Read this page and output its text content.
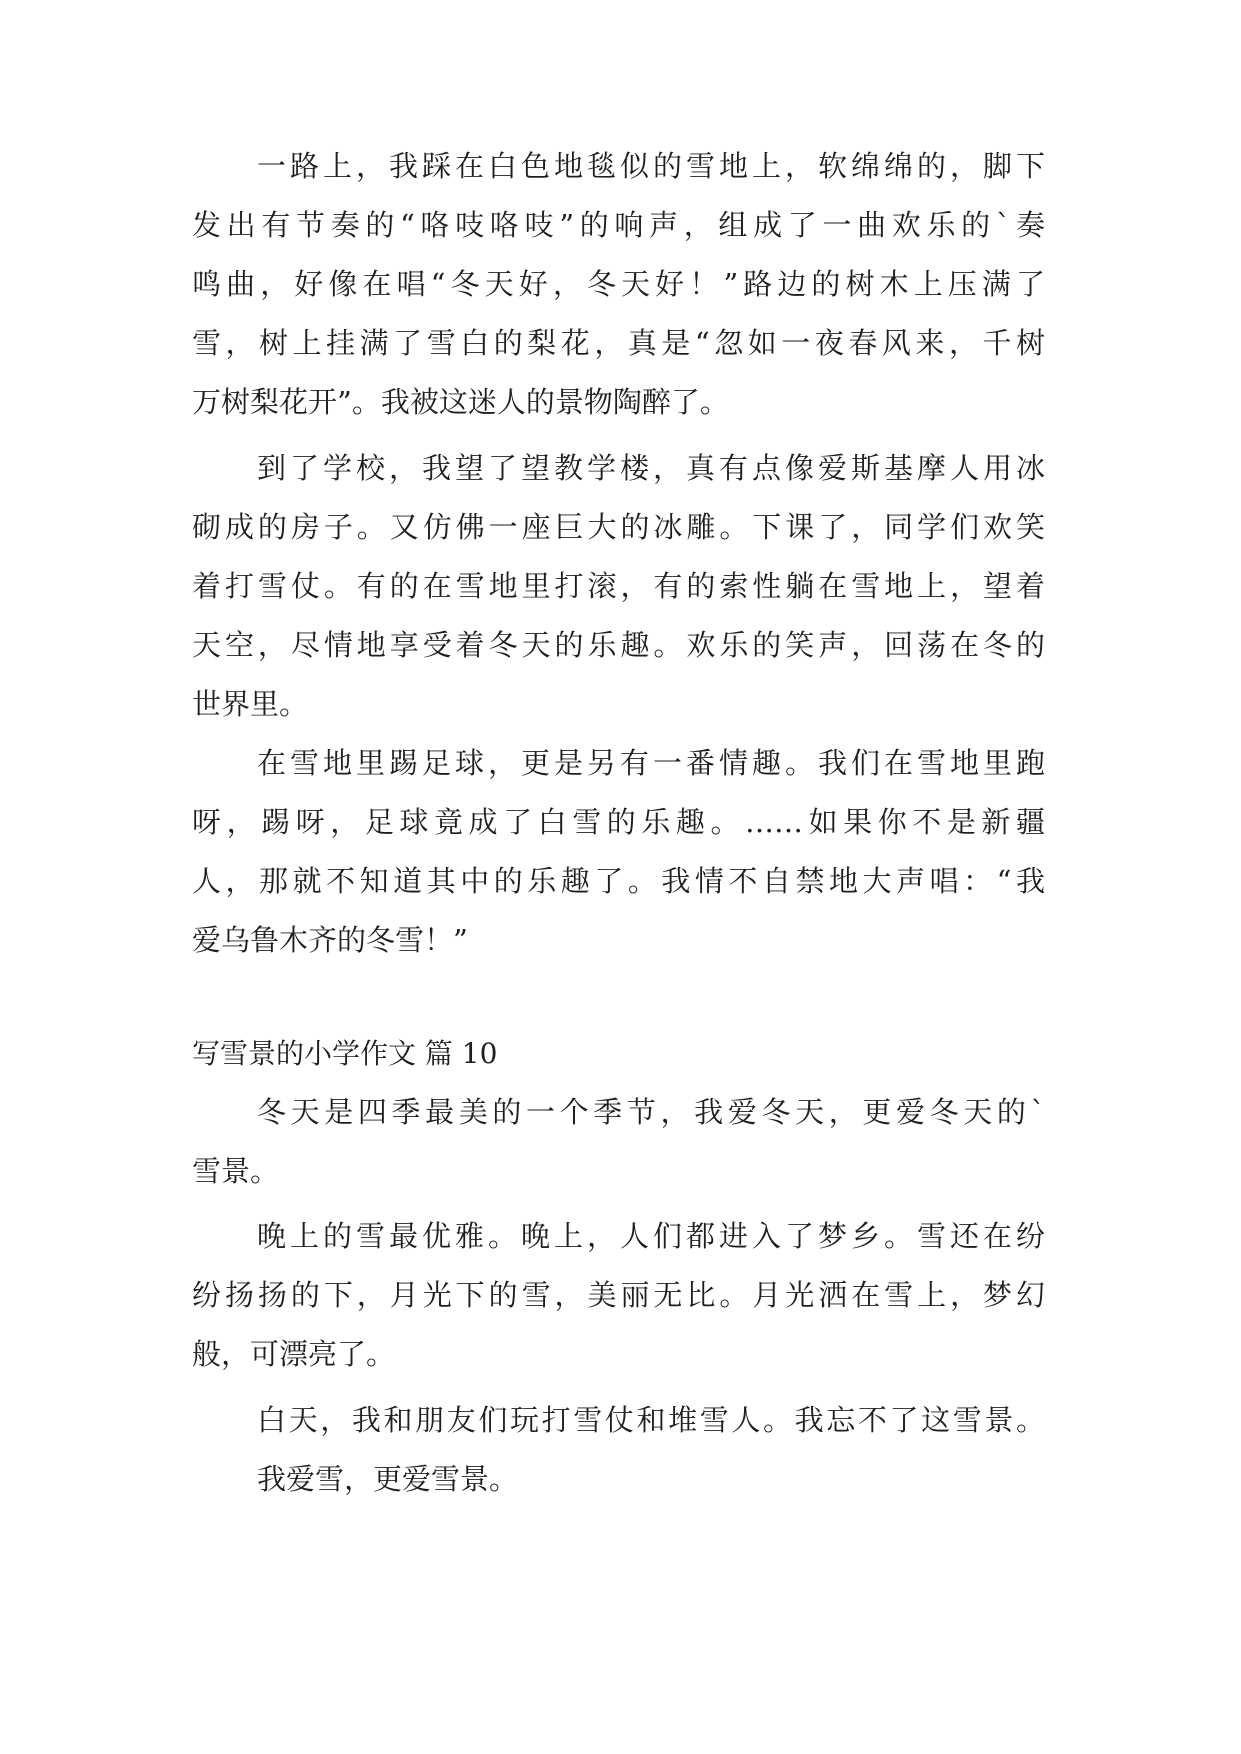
一路上，我踩在白色地毯似的雪地上，软绵绵的，脚下

发出有节奏的“咯吱咯吱”的响声，组成了一曲欢乐的`奏

鸣曲，好像在唱“冬天好，冬天好！”路边的树木上压满了

雪，树上挂满了雪白的梨花，真是“忽如一夜春风来，千树

万树梨花开”。我被这迷人的景物陶醉了。

到了学校，我望了望教学楼，真有点像爱斯基摩人用冰

砌成的房子。又仿佛一座巨大的冰雕。下课了，同学们欢笑

着打雪仗。有的在雪地里打滚，有的索性躺在雪地上，望着

天空，尽情地享受着冬天的乐趣。欢乐的笑声，回荡在冬的

世界里。

在雪地里踢足球，更是另有一番情趣。我们在雪地里跑

呀，踢呀，足球竟成了白雪的乐趣。……如果你不是新疆

人，那就不知道其中的乐趣了。我情不自禁地大声唱：“我

爱乌鲁木齐的冬雪！”

写雪景的小学作文 篇 10

冬天是四季最美的一个季节，我爱冬天，更爱冬天的`

雪景。

晚上的雪最优雅。晚上，人们都进入了梦乡。雪还在纷

纷扬扬的下，月光下的雪，美丽无比。月光洒在雪上，梦幻

般，可漂亮了。

白天，我和朋友们玩打雪仗和堆雪人。我忘不了这雪景。

我爱雪，更爱雪景。
